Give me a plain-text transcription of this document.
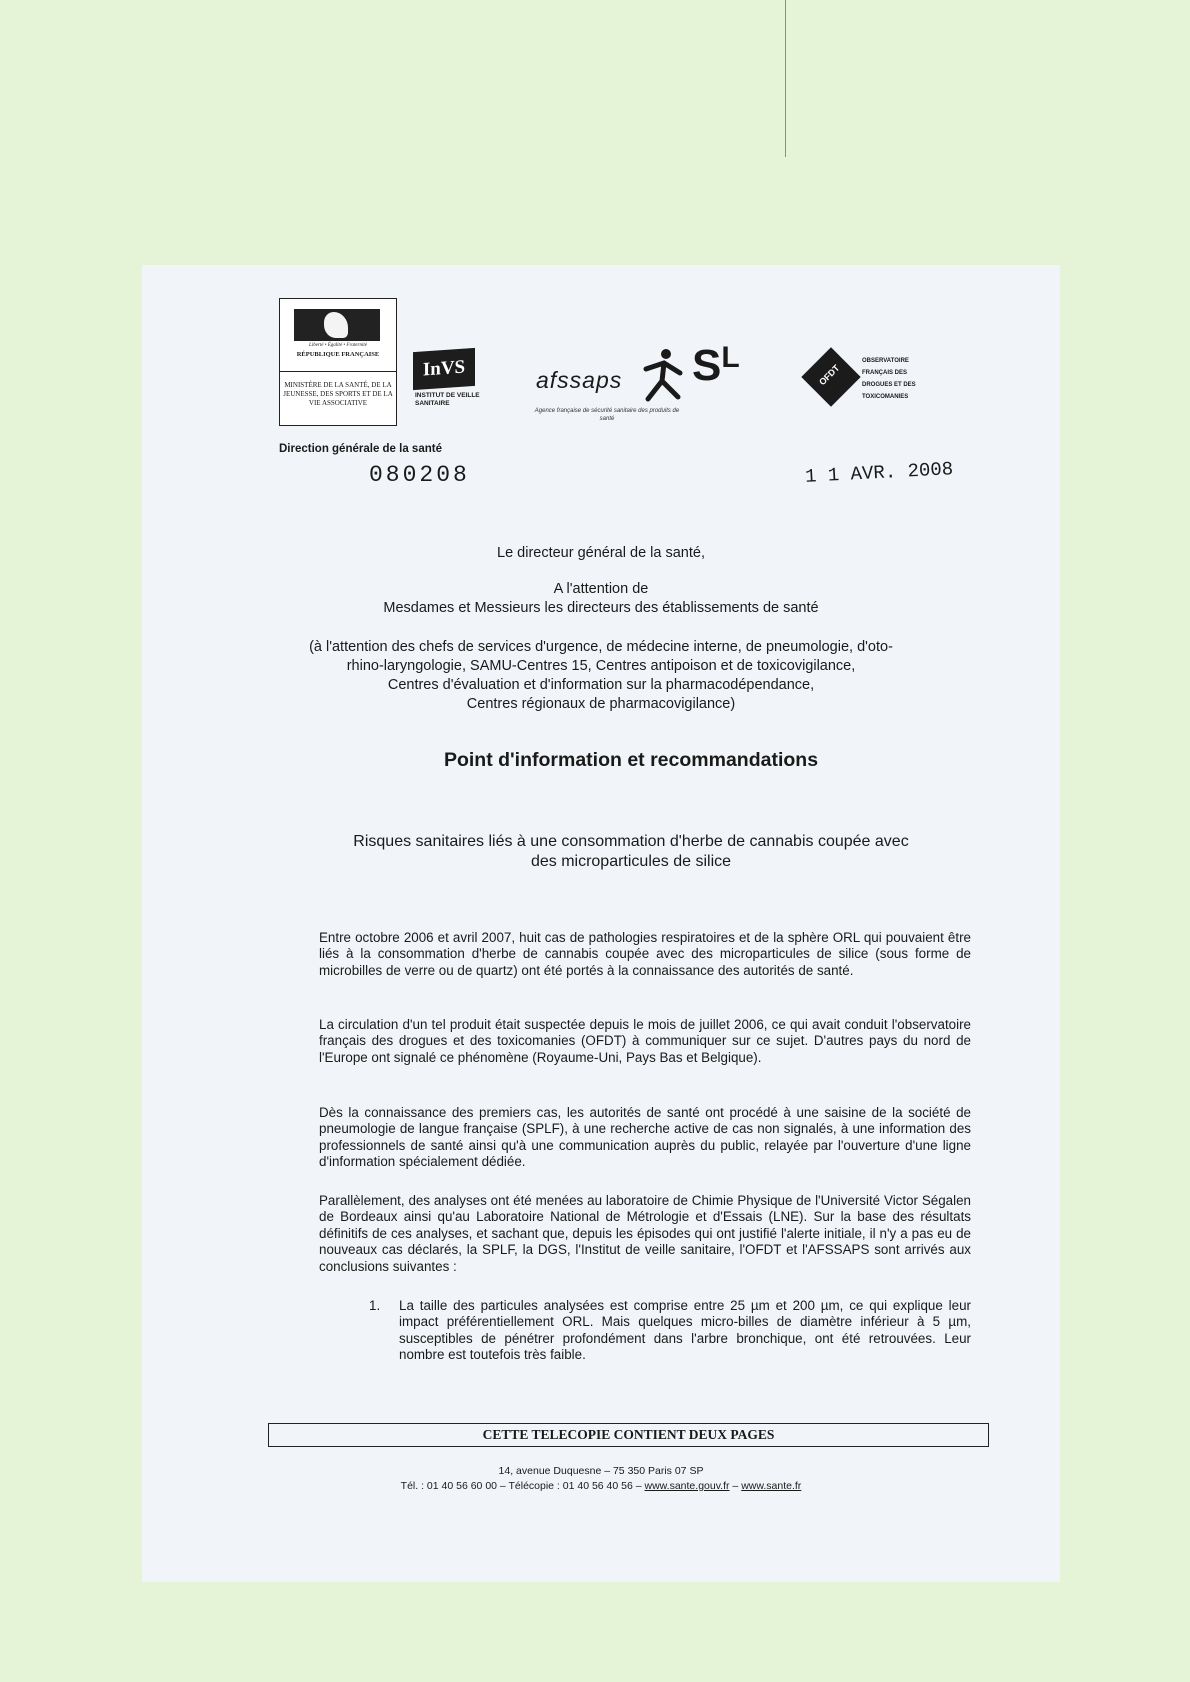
Liberté • Égalité • Fraternité
RÉPUBLIQUE FRANÇAISE
MINISTÈRE DE LA SANTÉ, DE LA JEUNESSE, DES SPORTS ET DE LA VIE ASSOCIATIVE
InVS
INSTITUT DE VEILLE SANITAIRE
afssaps
Agence française de sécurité sanitaire des produits de santé
$S^L$
OFDT
OBSERVATOIRE FRANÇAIS DES DROGUES ET DES TOXICOMANIES
Direction générale de la santé
080208	1 1 AVR. 2008
Le directeur général de la santé,
A l'attention de
Mesdames et Messieurs les directeurs des établissements de santé
(à l'attention des chefs de services d'urgence, de médecine interne, de pneumologie, d'oto-
rhino-laryngologie, SAMU-Centres 15, Centres antipoison et de toxicovigilance,
Centres d'évaluation et d'information sur la pharmacodépendance,
Centres régionaux de pharmacovigilance)
Point d'information et recommandations
Risques sanitaires liés à une consommation d'herbe de cannabis coupée avec
des microparticules de silice
Entre octobre 2006 et avril 2007, huit cas de pathologies respiratoires et de la sphère ORL qui pouvaient être liés à la consommation d'herbe de cannabis coupée avec des microparticules de silice (sous forme de microbilles de verre ou de quartz) ont été portés à la connaissance des autorités de santé.
La circulation d'un tel produit était suspectée depuis le mois de juillet 2006, ce qui avait conduit l'observatoire français des drogues et des toxicomanies (OFDT) à communiquer sur ce sujet. D'autres pays du nord de l'Europe ont signalé ce phénomène (Royaume-Uni, Pays Bas et Belgique).
Dès la connaissance des premiers cas, les autorités de santé ont procédé à une saisine de la société de pneumologie de langue française (SPLF), à une recherche active de cas non signalés, à une information des professionnels de santé ainsi qu'à une communication auprès du public, relayée par l'ouverture d'une ligne d'information spécialement dédiée.
Parallèlement, des analyses ont été menées au laboratoire de Chimie Physique de l'Université Victor Ségalen de Bordeaux ainsi qu'au Laboratoire National de Métrologie et d'Essais (LNE). Sur la base des résultats définitifs de ces analyses, et sachant que, depuis les épisodes qui ont justifié l'alerte initiale, il n'y a pas eu de nouveaux cas déclarés, la SPLF, la DGS, l'Institut de veille sanitaire, l'OFDT et l'AFSSAPS sont arrivés aux conclusions suivantes :
1. La taille des particules analysées est comprise entre 25 µm et 200 µm, ce qui explique leur impact préférentiellement ORL. Mais quelques micro-billes de diamètre inférieur à 5 µm, susceptibles de pénétrer profondément dans l'arbre bronchique, ont été retrouvées. Leur nombre est toutefois très faible.
CETTE TELECOPIE CONTIENT DEUX PAGES
14, avenue Duquesne – 75 350 Paris 07 SP
Tél. : 01 40 56 60 00 – Télécopie : 01 40 56 40 56 – www.sante.gouv.fr – www.sante.fr
